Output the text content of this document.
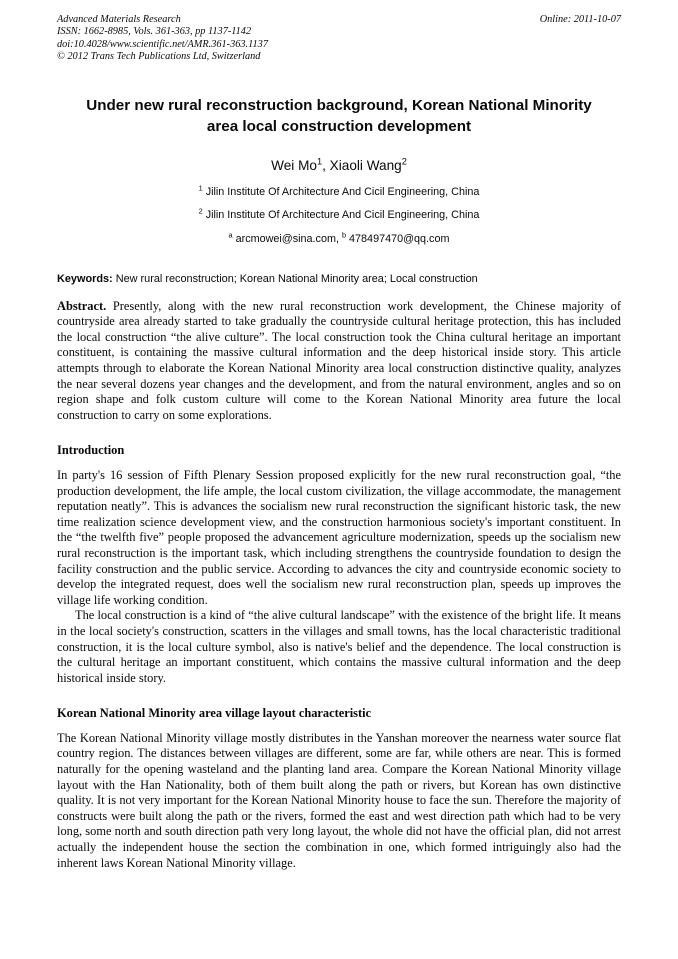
Advanced Materials Research
ISSN: 1662-8985, Vols. 361-363, pp 1137-1142
doi:10.4028/www.scientific.net/AMR.361-363.1137
© 2012 Trans Tech Publications Ltd, Switzerland
Online: 2011-10-07
Under new rural reconstruction background, Korean National Minority area local construction development
Wei Mo$^1$, Xiaoli Wang$^2$
$^1$ Jilin Institute Of Architecture And Cicil Engineering, China
$^2$ Jilin Institute Of Architecture And Cicil Engineering, China
$^a$ arcmowei@sina.com, $^b$ 478497470@qq.com
Keywords: New rural reconstruction; Korean National Minority area; Local construction
Abstract. Presently, along with the new rural reconstruction work development, the Chinese majority of countryside area already started to take gradually the countryside cultural heritage protection, this has included the local construction “the alive culture”. The local construction took the China cultural heritage an important constituent, is containing the massive cultural information and the deep historical inside story. This article attempts through to elaborate the Korean National Minority area local construction distinctive quality, analyzes the near several dozens year changes and the development, and from the natural environment, angles and so on region shape and folk custom culture will come to the Korean National Minority area future the local construction to carry on some explorations.
Introduction
In party's 16 session of Fifth Plenary Session proposed explicitly for the new rural reconstruction goal, “the production development, the life ample, the local custom civilization, the village accommodate, the management reputation neatly”. This is advances the socialism new rural reconstruction the significant historic task, the new time realization science development view, and the construction harmonious society's important constituent. In the “the twelfth five” people proposed the advancement agriculture modernization, speeds up the socialism new rural reconstruction is the important task, which including strengthens the countryside foundation to design the facility construction and the public service. According to advances the city and countryside economic society to develop the integrated request, does well the socialism new rural reconstruction plan, speeds up improves the village life working condition.
The local construction is a kind of “the alive cultural landscape” with the existence of the bright life. It means in the local society's construction, scatters in the villages and small towns, has the local characteristic traditional construction, it is the local culture symbol, also is native's belief and the dependence. The local construction is the cultural heritage an important constituent, which contains the massive cultural information and the deep historical inside story.
Korean National Minority area village layout characteristic
The Korean National Minority village mostly distributes in the Yanshan moreover the nearness water source flat country region. The distances between villages are different, some are far, while others are near. This is formed naturally for the opening wasteland and the planting land area. Compare the Korean National Minority village layout with the Han Nationality, both of them built along the path or rivers, but Korean has own distinctive quality. It is not very important for the Korean National Minority house to face the sun. Therefore the majority of constructs were built along the path or the rivers, formed the east and west direction path which had to be very long, some north and south direction path very long layout, the whole did not have the official plan, did not arrest actually the independent house the section the combination in one, which formed intriguingly also had the inherent laws Korean National Minority village.
